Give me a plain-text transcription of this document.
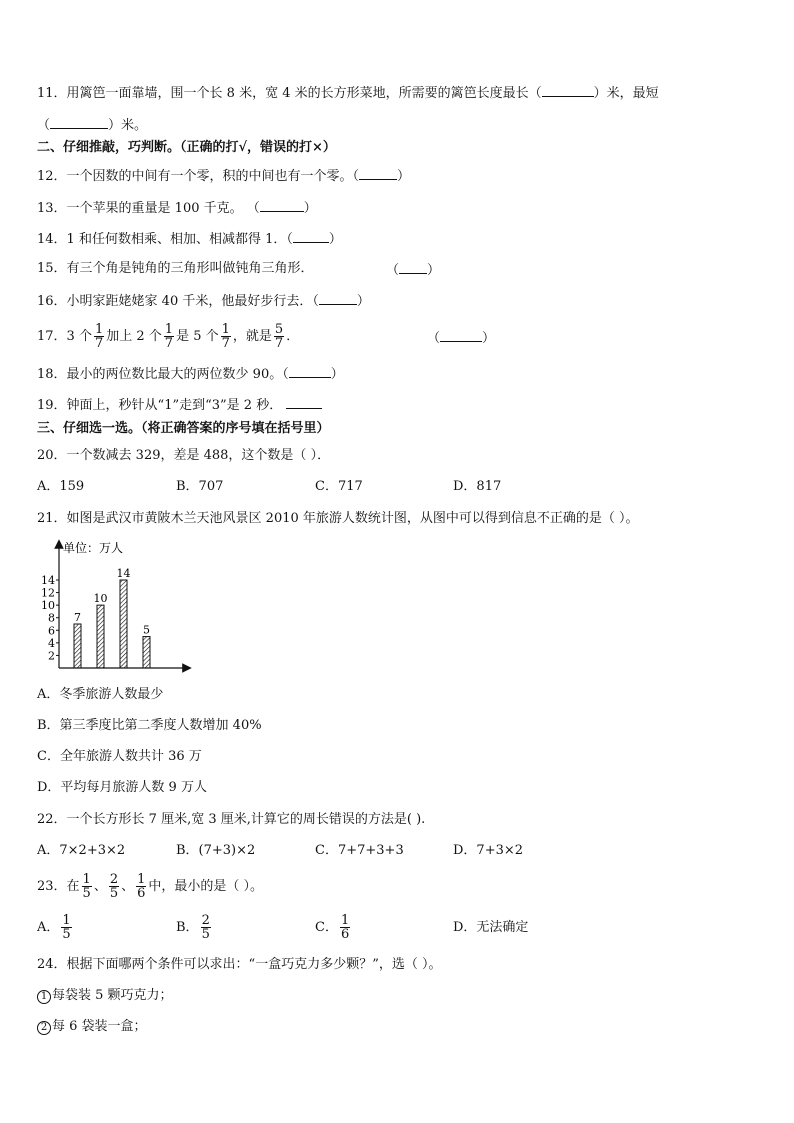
11．用篱笆一面靠墙，围一个长 8 米，宽 4 米的长方形菜地，所需要的篱笆长度最长（	）米，最短
（	）米。
二、仔细推敲，巧判断。（正确的打√，错误的打×）
12．一个因数的中间有一个零，积的中间也有一个零。（	）
13．一个苹果的重量是 100 千克。 （	）
14．1 和任何数相乘、相加、相减都得 1．（	）
15．有三个角是钝角的三角形叫做钝角三角形．	（ ）
16．小明家距姥姥家 40 千米，他最好步行去．（	）
17．3 个 $\frac{1}{7}$ 加上 2 个 $\frac{1}{7}$ 是 5 个 $\frac{1}{7}$ ，就是 $\frac{5}{7}$ ．	（	）
18．最小的两位数比最大的两位数少 90。（	）
19．钟面上，秒针从“1”走到“3”是 2 秒．
三、仔细选一选。（将正确答案的序号填在括号里）
20．一个数减去 329，差是 488，这个数是（ ）．
A．159	B．707	C．717	D．817
21．如图是武汉市黄陂木兰天池风景区 2010 年旅游人数统计图，从图中可以得到信息不正确的是（ ）。
2
4
6
8
10
12
14
7
10
14
5
单位：万人
A．冬季旅游人数最少
B．第三季度比第二季度人数增加 40%
C．全年旅游人数共计 36 万
D．平均每月旅游人数 9 万人
22．一个长方形长 7 厘米,宽 3 厘米,计算它的周长错误的方法是( ).
A．7×2+3×2	B．(7+3)×2	C．7+7+3+3	D．7+3×2
23．在 $\frac{1}{5}$ 、 $\frac{2}{5}$ 、 $\frac{1}{6}$ 中，最小的是（ ）。
A． $\frac{1}{5}$	B． $\frac{2}{5}$	C． $\frac{1}{6}$	D．无法确定
24．根据下面哪两个条件可以求出：“一盒巧克力多少颗？”，选（ ）。
1 每袋装 5 颗巧克力；
2 每 6 袋装一盒；
